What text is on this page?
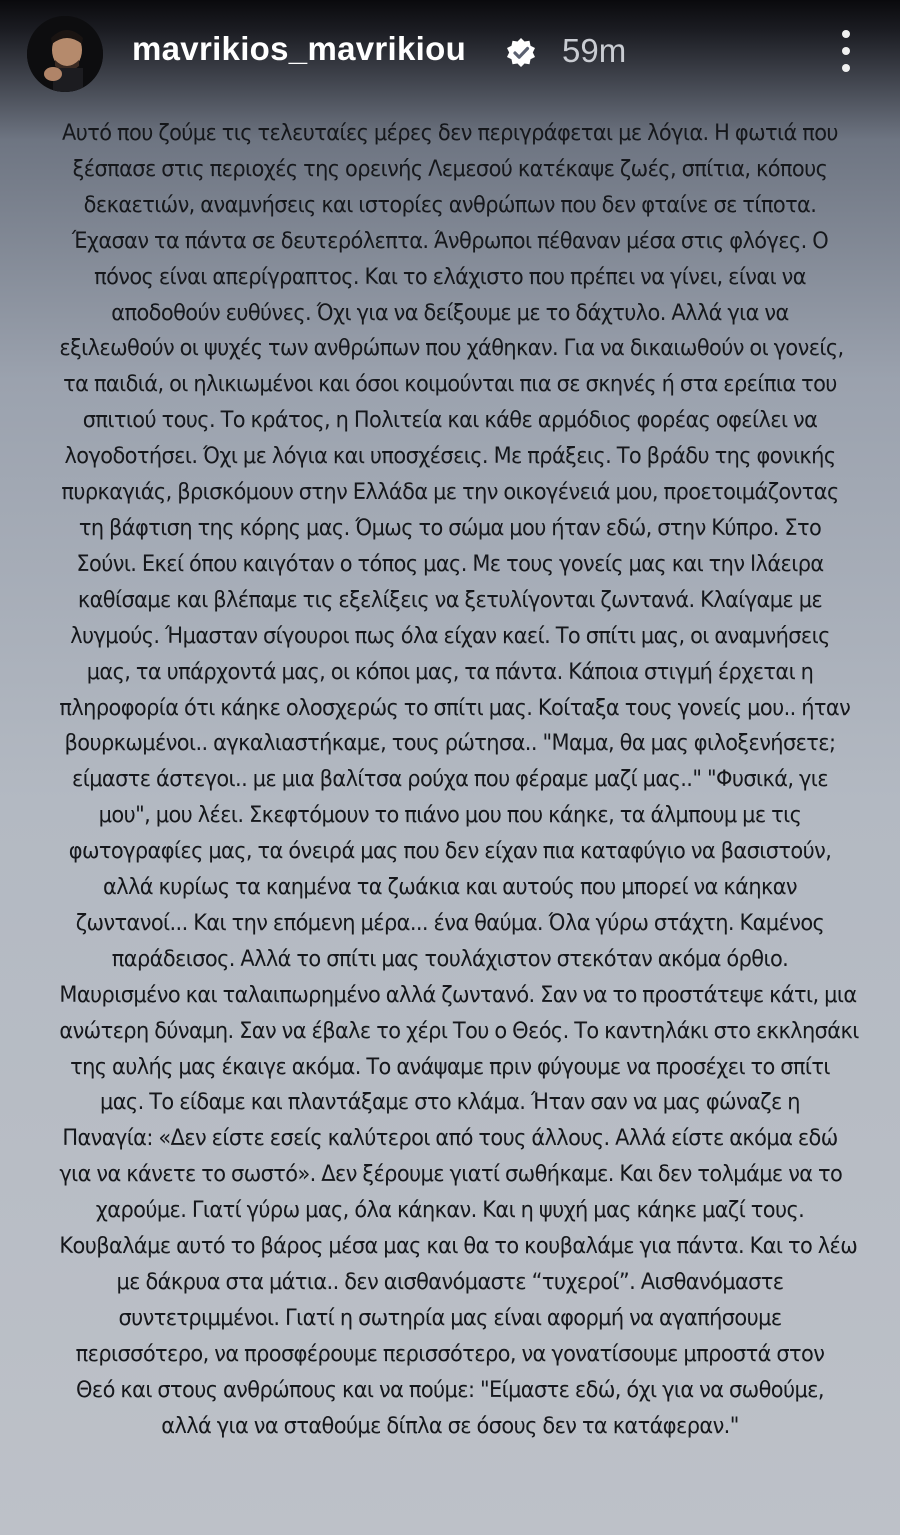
mavrikios_mavrikiou	59m
Αυτό που ζούμε τις τελευταίες μέρες δεν περιγράφεται με λόγια. Η φωτιά που
ξέσπασε στις περιοχές της ορεινής Λεμεσού κατέκαψε ζωές, σπίτια, κόπους
δεκαετιών, αναμνήσεις και ιστορίες ανθρώπων που δεν φταίνε σε τίποτα.
Έχασαν τα πάντα σε δευτερόλεπτα. Άνθρωποι πέθαναν μέσα στις φλόγες. Ο
πόνος είναι απερίγραπτος. Και το ελάχιστο που πρέπει να γίνει, είναι να
αποδοθούν ευθύνες. Όχι για να δείξουμε με το δάχτυλο. Αλλά για να
εξιλεωθούν οι ψυχές των ανθρώπων που χάθηκαν. Για να δικαιωθούν οι γονείς,
τα παιδιά, οι ηλικιωμένοι και όσοι κοιμούνται πια σε σκηνές ή στα ερείπια του
σπιτιού τους. Το κράτος, η Πολιτεία και κάθε αρμόδιος φορέας οφείλει να
λογοδοτήσει. Όχι με λόγια και υποσχέσεις. Με πράξεις. Το βράδυ της φονικής
πυρκαγιάς, βρισκόμουν στην Ελλάδα με την οικογένειά μου, προετοιμάζοντας
τη βάφτιση της κόρης μας. Όμως το σώμα μου ήταν εδώ, στην Κύπρο. Στο
Σούνι. Εκεί όπου καιγόταν ο τόπος μας. Με τους γονείς μας και την Ιλάειρα
καθίσαμε και βλέπαμε τις εξελίξεις να ξετυλίγονται ζωντανά. Κλαίγαμε με
λυγμούς. Ήμασταν σίγουροι πως όλα είχαν καεί. Το σπίτι μας, οι αναμνήσεις
μας, τα υπάρχοντά μας, οι κόποι μας, τα πάντα. Κάποια στιγμή έρχεται η
πληροφορία ότι κάηκε ολοσχερώς το σπίτι μας. Κοίταξα τους γονείς μου.. ήταν
βουρκωμένοι.. αγκαλιαστήκαμε, τους ρώτησα.. "Μαμα, θα μας φιλοξενήσετε;
είμαστε άστεγοι.. με μια βαλίτσα ρούχα που φέραμε μαζί μας.." "Φυσικά, γιε
μου", μου λέει. Σκεφτόμουν το πιάνο μου που κάηκε, τα άλμπουμ με τις
φωτογραφίες μας, τα όνειρά μας που δεν είχαν πια καταφύγιο να βασιστούν,
αλλά κυρίως τα καημένα τα ζωάκια και αυτούς που μπορεί να κάηκαν
ζωντανοί... Και την επόμενη μέρα... ένα θαύμα. Όλα γύρω στάχτη. Καμένος
παράδεισος. Αλλά το σπίτι μας τουλάχιστον στεκόταν ακόμα όρθιο.
Μαυρισμένο και ταλαιπωρημένο αλλά ζωντανό. Σαν να το προστάτεψε κάτι, μια
ανώτερη δύναμη. Σαν να έβαλε το χέρι Του ο Θεός. Το καντηλάκι στο εκκλησάκι
της αυλής μας έκαιγε ακόμα. Το ανάψαμε πριν φύγουμε να προσέχει το σπίτι
μας. Το είδαμε και πλαντάξαμε στο κλάμα. Ήταν σαν να μας φώναζε η
Παναγία: «Δεν είστε εσείς καλύτεροι από τους άλλους. Αλλά είστε ακόμα εδώ
για να κάνετε το σωστό». Δεν ξέρουμε γιατί σωθήκαμε. Και δεν τολμάμε να το
χαρούμε. Γιατί γύρω μας, όλα κάηκαν. Και η ψυχή μας κάηκε μαζί τους.
Κουβαλάμε αυτό το βάρος μέσα μας και θα το κουβαλάμε για πάντα. Και το λέω
με δάκρυα στα μάτια.. δεν αισθανόμαστε “τυχεροί”. Αισθανόμαστε
συντετριμμένοι. Γιατί η σωτηρία μας είναι αφορμή να αγαπήσουμε
περισσότερο, να προσφέρουμε περισσότερο, να γονατίσουμε μπροστά στον
Θεό και στους ανθρώπους και να πούμε: "Είμαστε εδώ, όχι για να σωθούμε,
αλλά για να σταθούμε δίπλα σε όσους δεν τα κατάφεραν."
